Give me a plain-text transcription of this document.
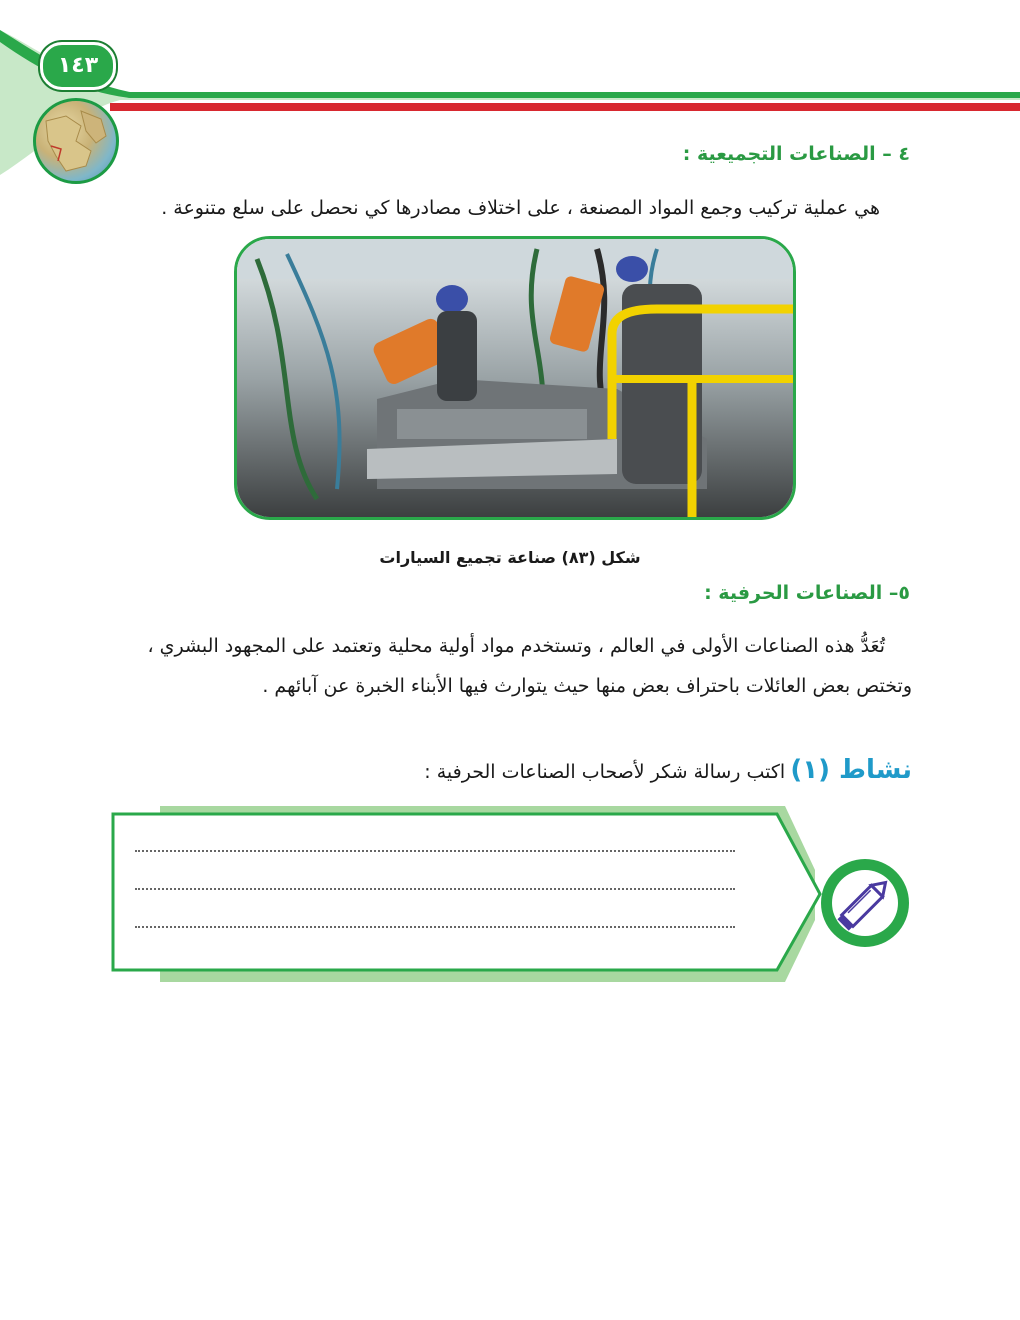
١٤٣
٤ – الصناعات التجميعية :
هي عملية تركيب وجمع المواد المصنعة ، على اختلاف مصادرها كي نحصل على سلع متنوعة .
شكل (٨٣) صناعة تجميع السيارات
٥– الصناعات الحرفية :
تُعَدُّ هذه الصناعات الأولى في العالم ، وتستخدم مواد أولية محلية وتعتمد على المجهود البشري ،
وتختص بعض العائلات باحتراف بعض منها حيث يتوارث فيها الأبناء الخبرة عن آبائهم .
نشاط (١) اكتب رسالة شكر لأصحاب الصناعات الحرفية :
